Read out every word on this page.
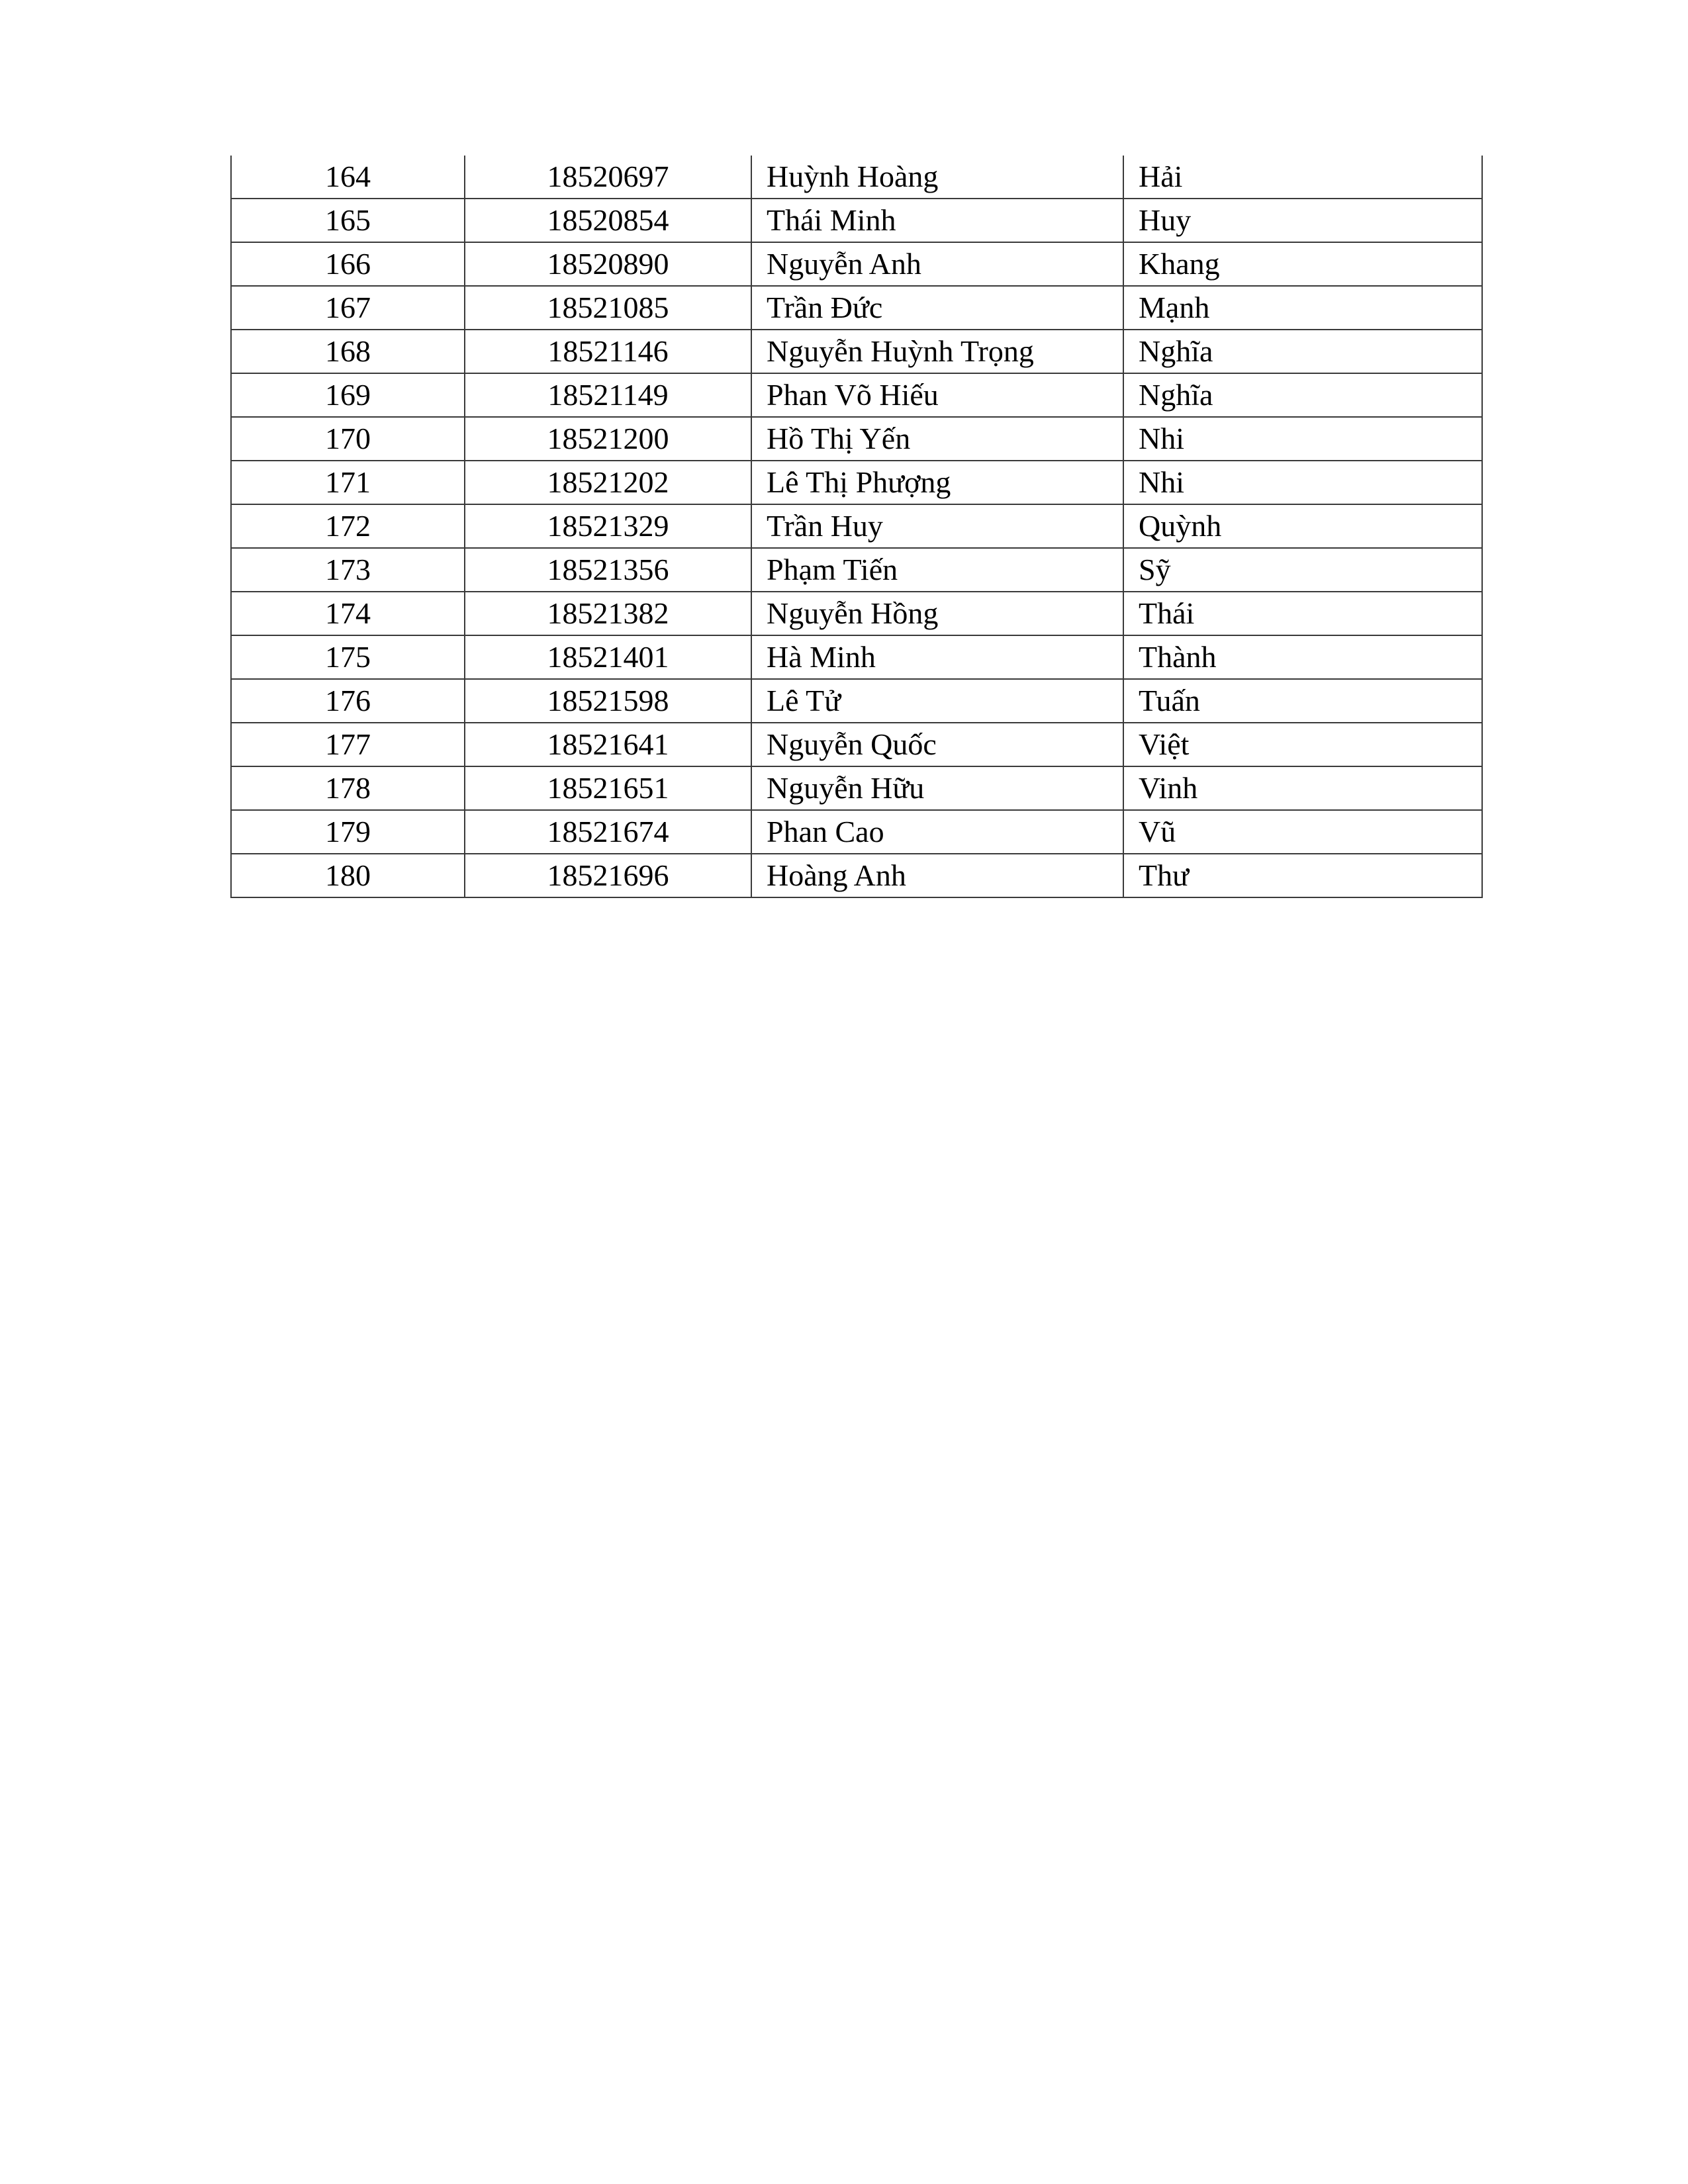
164	18520697	Huỳnh Hoàng	Hải
165	18520854	Thái Minh	Huy
166	18520890	Nguyễn Anh	Khang
167	18521085	Trần Đức	Mạnh
168	18521146	Nguyễn Huỳnh Trọng	Nghĩa
169	18521149	Phan Võ Hiếu	Nghĩa
170	18521200	Hồ Thị Yến	Nhi
171	18521202	Lê Thị Phượng	Nhi
172	18521329	Trần Huy	Quỳnh
173	18521356	Phạm Tiến	Sỹ
174	18521382	Nguyễn Hồng	Thái
175	18521401	Hà Minh	Thành
176	18521598	Lê Tử	Tuấn
177	18521641	Nguyễn Quốc	Việt
178	18521651	Nguyễn Hữu	Vinh
179	18521674	Phan Cao	Vũ
180	18521696	Hoàng Anh	Thư
